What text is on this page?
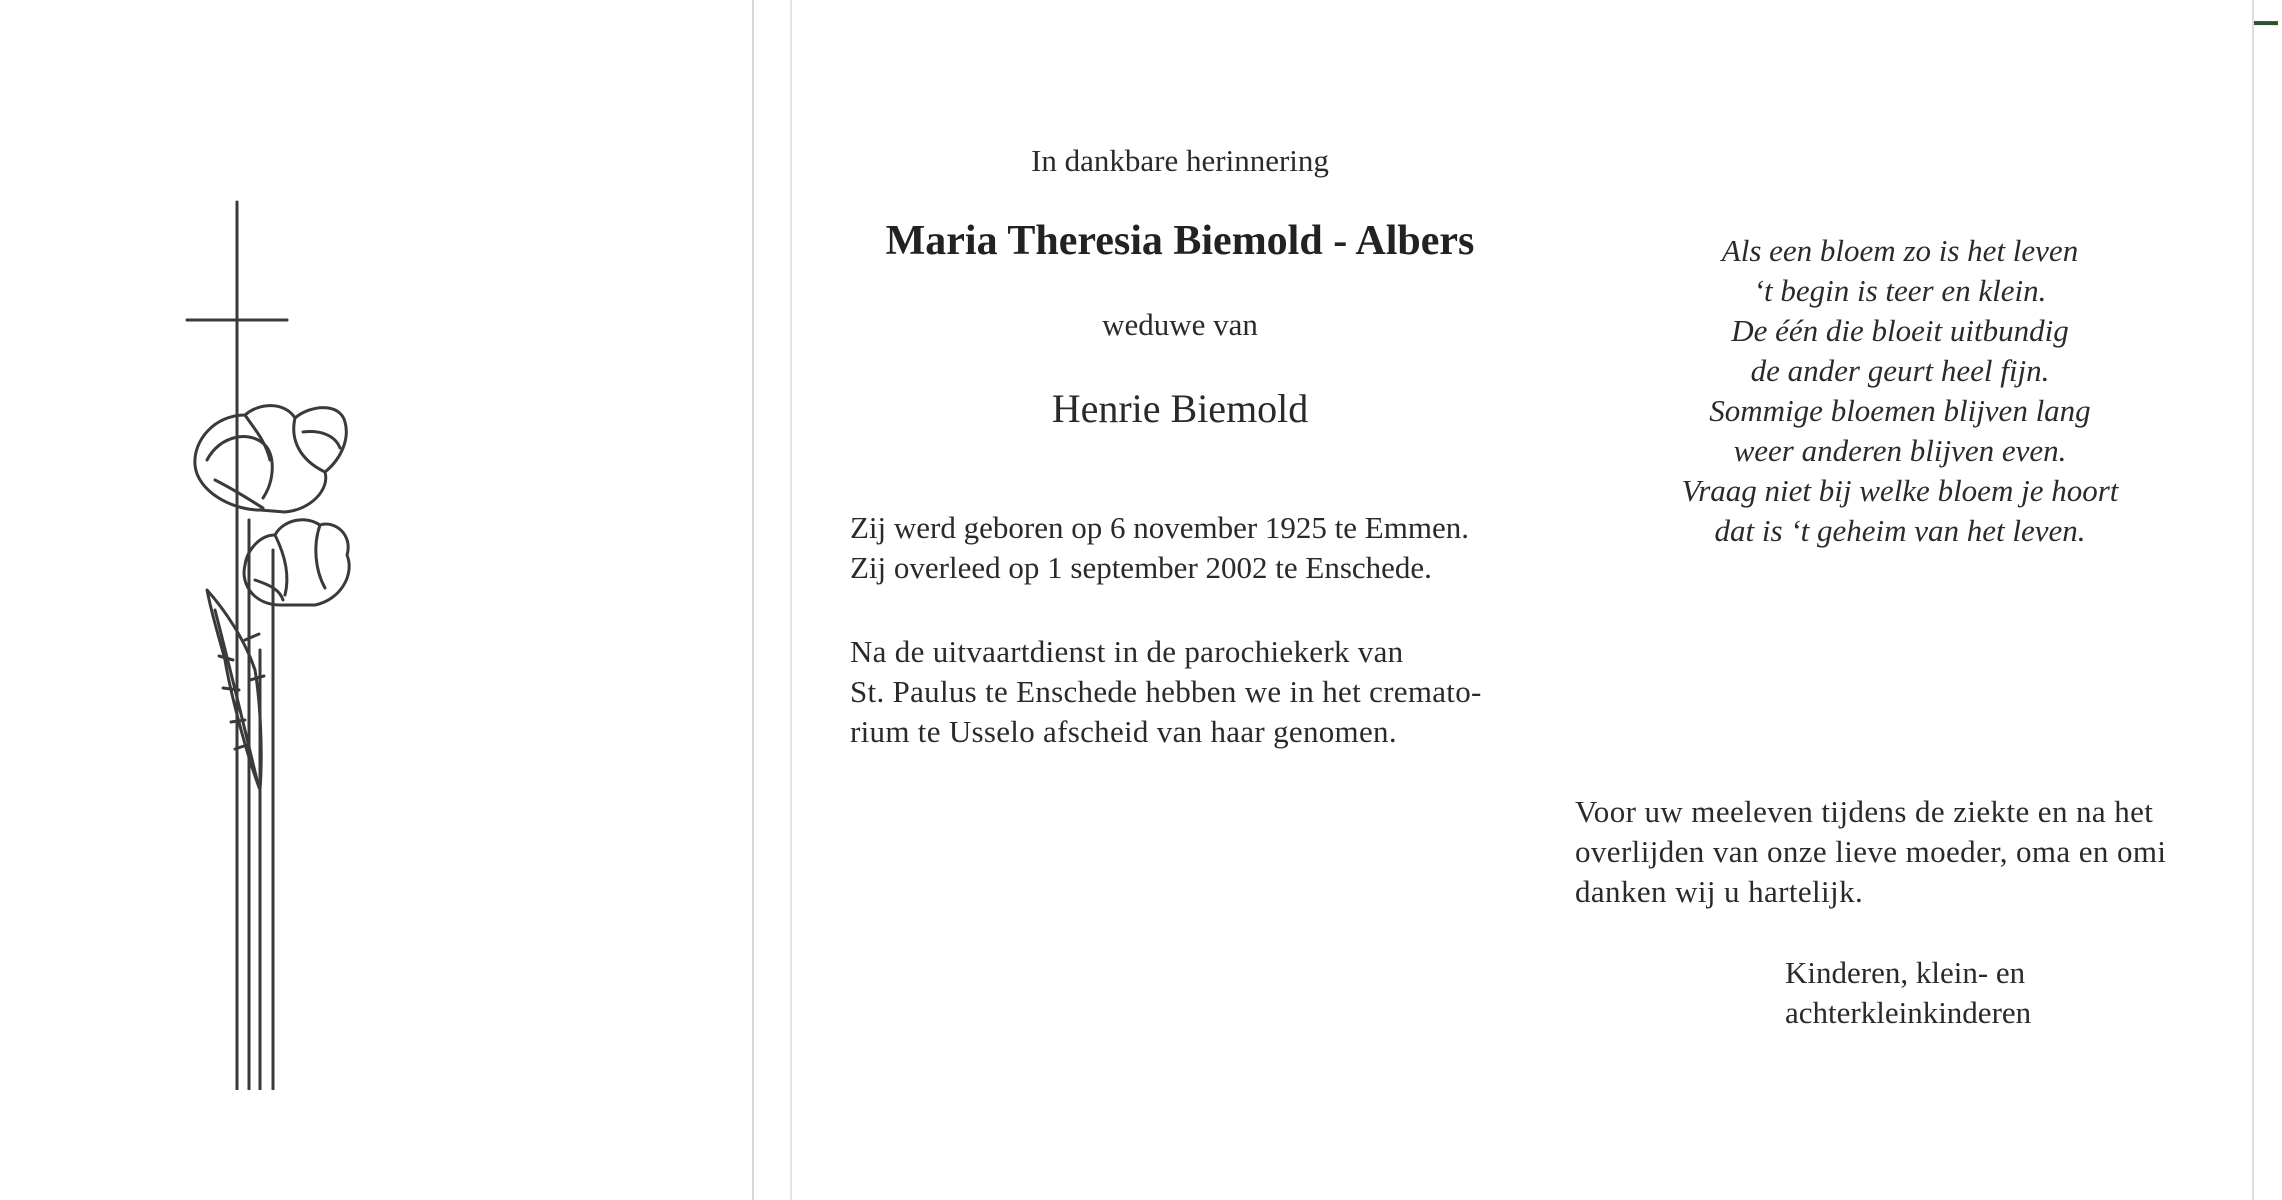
In dankbare herinnering
Maria Theresia Biemold - Albers
weduwe van
Henrie Biemold
Zij werd geboren op 6 november 1925 te Emmen.
Zij overleed op 1 september 2002 te Enschede.
Na de uitvaartdienst in de parochiekerk van
St. Paulus te Enschede hebben we in het cremato-
rium te Usselo afscheid van haar genomen.
Als een bloem zo is het leven
‘t begin is teer en klein.
De één die bloeit uitbundig
de ander geurt heel fijn.
Sommige bloemen blijven lang
weer anderen blijven even.
Vraag niet bij welke bloem je hoort
dat is ‘t geheim van het leven.
Voor uw meeleven tijdens de ziekte en na het
overlijden van onze lieve moeder, oma en omi
danken wij u hartelijk.
Kinderen, klein- en
achterkleinkinderen
